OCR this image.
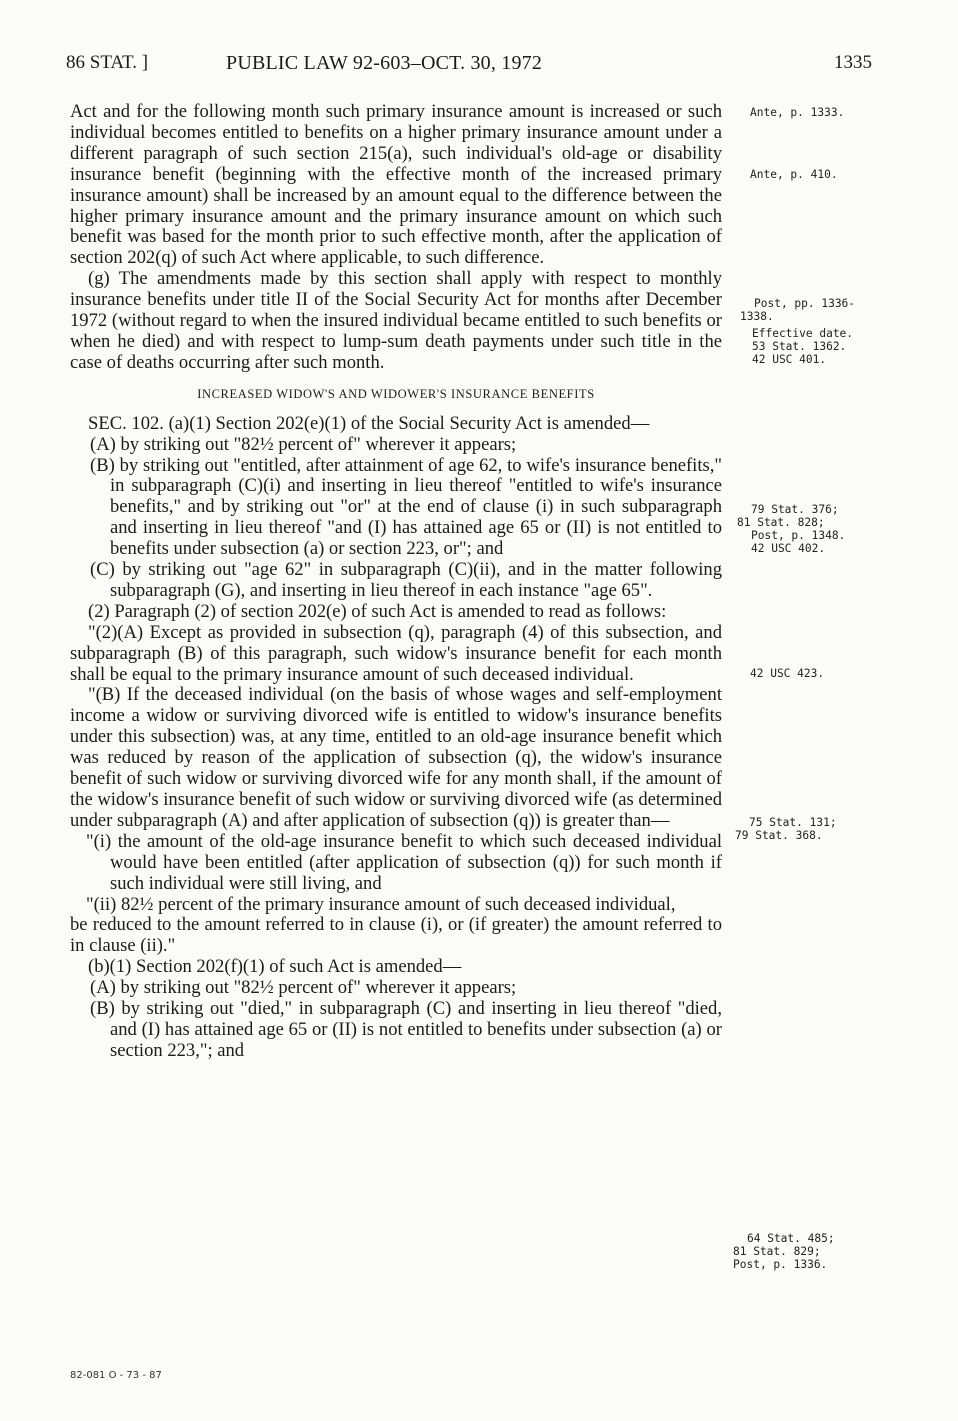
86 STAT. ]	PUBLIC LAW 92-603–OCT. 30, 1972	1335

Act and for the following month such primary insurance amount is increased or such individual becomes entitled to benefits on a higher primary insurance amount under a different paragraph of such section 215(a), such individual's old-age or disability insurance benefit (beginning with the effective month of the increased primary insurance amount) shall be increased by an amount equal to the difference between the higher primary insurance amount and the primary insurance amount on which such benefit was based for the month prior to such effective month, after the application of section 202(q) of such Act where applicable, to such difference.

(g) The amendments made by this section shall apply with respect to monthly insurance benefits under title II of the Social Security Act for months after December 1972 (without regard to when the insured individual became entitled to such benefits or when he died) and with respect to lump-sum death payments under such title in the case of deaths occurring after such month.

INCREASED WIDOW'S AND WIDOWER'S INSURANCE BENEFITS

SEC. 102. (a)(1) Section 202(e)(1) of the Social Security Act is amended—

(A) by striking out "82½ percent of" wherever it appears;

(B) by striking out "entitled, after attainment of age 62, to wife's insurance benefits," in subparagraph (C)(i) and inserting in lieu thereof "entitled to wife's insurance benefits," and by striking out "or" at the end of clause (i) in such subparagraph and inserting in lieu thereof "and (I) has attained age 65 or (II) is not entitled to benefits under subsection (a) or section 223, or"; and

(C) by striking out "age 62" in subparagraph (C)(ii), and in the matter following subparagraph (G), and inserting in lieu thereof in each instance "age 65".

(2) Paragraph (2) of section 202(e) of such Act is amended to read as follows:

"(2)(A) Except as provided in subsection (q), paragraph (4) of this subsection, and subparagraph (B) of this paragraph, such widow's insurance benefit for each month shall be equal to the primary insurance amount of such deceased individual.

"(B) If the deceased individual (on the basis of whose wages and self-employment income a widow or surviving divorced wife is entitled to widow's insurance benefits under this subsection) was, at any time, entitled to an old-age insurance benefit which was reduced by reason of the application of subsection (q), the widow's insurance benefit of such widow or surviving divorced wife for any month shall, if the amount of the widow's insurance benefit of such widow or surviving divorced wife (as determined under subparagraph (A) and after application of subsection (q)) is greater than—

"(i) the amount of the old-age insurance benefit to which such deceased individual would have been entitled (after application of subsection (q)) for such month if such individual were still living, and

"(ii) 82½ percent of the primary insurance amount of such deceased individual,

be reduced to the amount referred to in clause (i), or (if greater) the amount referred to in clause (ii)."

(b)(1) Section 202(f)(1) of such Act is amended—

(A) by striking out "82½ percent of" wherever it appears;

(B) by striking out "died," in subparagraph (C) and inserting in lieu thereof "died, and (I) has attained age 65 or (II) is not entitled to benefits under subsection (a) or section 223,"; and

Ante, p. 1333.
Ante, p. 410.
Post, pp. 1336-
1338.
Effective date.
53 Stat. 1362.
42 USC 401.
79 Stat. 376;
81 Stat. 828;
Post, p. 1348.
42 USC 402.
42 USC 423.
75 Stat. 131;
79 Stat. 368.
64 Stat. 485;
81 Stat. 829;
Post, p. 1336.
82-081 O - 73 - 87
